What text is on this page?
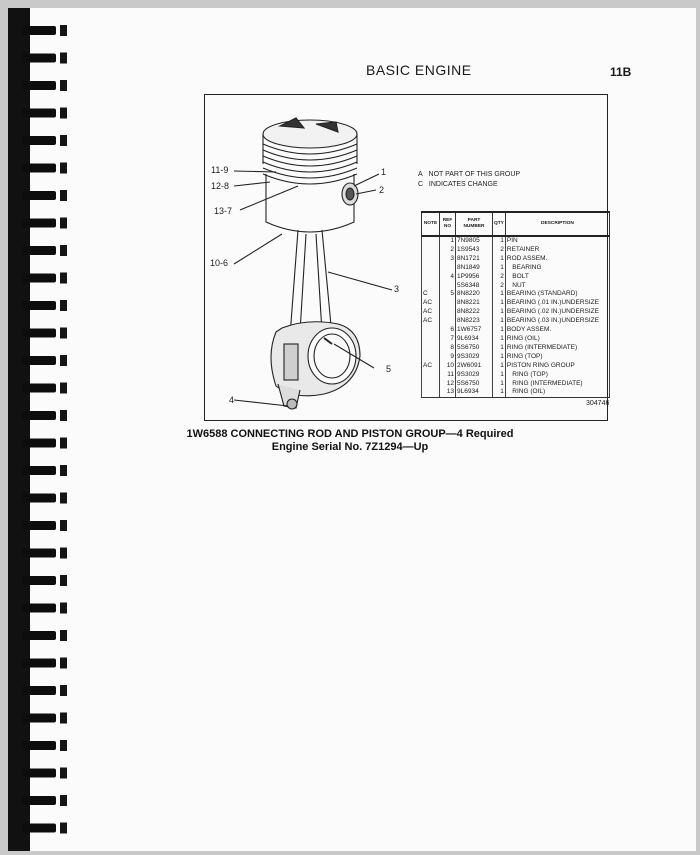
BASIC ENGINE	11B
11-9
12-8
13-7
10-6
1
2
3
4
5
A NOT PART OF THIS GROUP
C INDICATES CHANGE
NOTE	REF NO	PART NUMBER	QTY	DESCRIPTION
	1	7N9805	1	PIN
	2	1S9543	2	RETAINER
	3	8N1721	1	ROD ASSEM.
		8N1849	1	BEARING
	4	1P9956	2	BOLT
		5S6348	2	NUT
C	5	8N8220	1	BEARING (STANDARD)
AC		8N8221	1	BEARING (.01 IN.)UNDERSIZE
AC		8N8222	1	BEARING (.02 IN.)UNDERSIZE
AC		8N8223	1	BEARING (.03 IN.)UNDERSIZE
	6	1W6757	1	BODY ASSEM.
	7	9L6934	1	RING (OIL)
	8	5S6750	1	RING (INTERMEDIATE)
	9	9S3029	1	RING (TOP)
AC	10	2W6091	1	PISTON RING GROUP
	11	9S3029	1	RING (TOP)
	12	5S6750	1	RING (INTERMEDIATE)
	13	9L6934	1	RING (OIL)
304746
1W6588 CONNECTING ROD AND PISTON GROUP—4 Required
Engine Serial No. 7Z1294—Up
